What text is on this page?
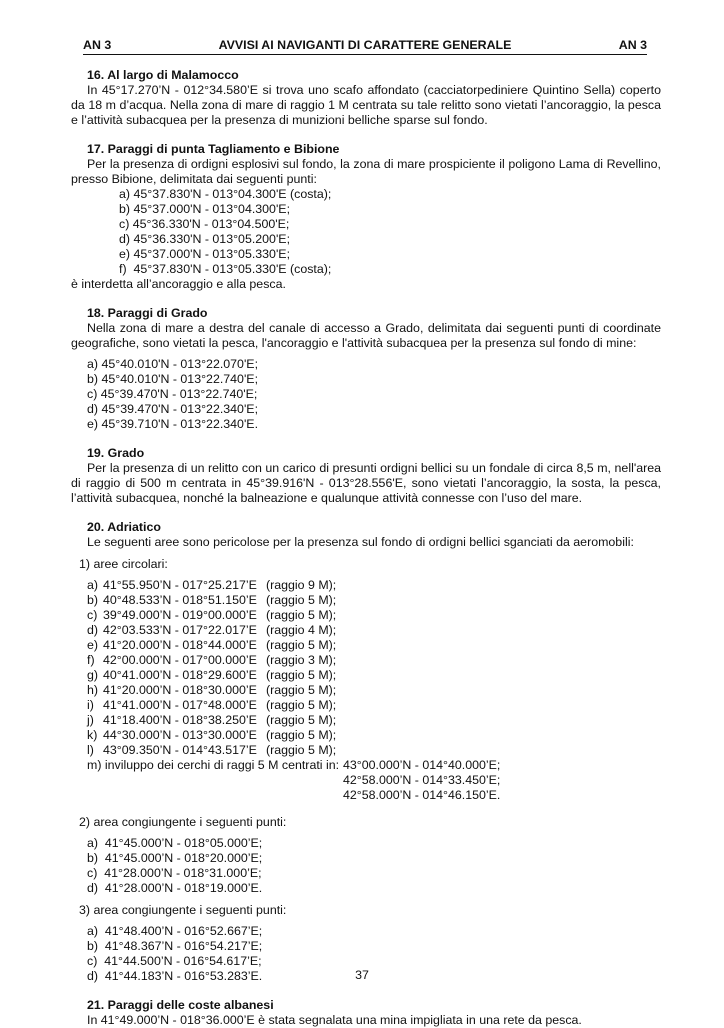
AN 3	AVVISI AI NAVIGANTI DI CARATTERE GENERALE	AN 3
16. Al largo di Malamocco
In 45°17.270’N - 012°34.580’E si trova uno scafo affondato (cacciatorpediniere Quintino Sella) coperto da 18 m d’acqua. Nella zona di mare di raggio 1 M centrata su tale relitto sono vietati l’ancoraggio, la pesca e l’attività subacquea per la presenza di munizioni belliche sparse sul fondo.
17. Paraggi di punta Tagliamento e Bibione
Per la presenza di ordigni esplosivi sul fondo, la zona di mare prospiciente il poligono Lama di Revellino, presso Bibione, delimitata dai seguenti punti:
a) 45°37.830'N - 013°04.300'E (costa);
b) 45°37.000'N - 013°04.300'E;
c) 45°36.330'N - 013°04.500'E;
d) 45°36.330'N - 013°05.200'E;
e) 45°37.000'N - 013°05.330'E;
f)  45°37.830'N - 013°05.330'E (costa);
è interdetta all’ancoraggio e alla pesca.
18. Paraggi di Grado
Nella zona di mare a destra del canale di accesso a Grado, delimitata dai seguenti punti di coordinate geografiche, sono vietati la pesca, l'ancoraggio e l'attività subacquea per la presenza sul fondo di mine:
a) 45°40.010'N - 013°22.070'E;
b) 45°40.010'N - 013°22.740'E;
c) 45°39.470'N - 013°22.740'E;
d) 45°39.470'N - 013°22.340'E;
e) 45°39.710'N - 013°22.340'E.
19. Grado
Per la presenza di un relitto con un carico di presunti ordigni bellici su un fondale di circa 8,5 m, nell'area di raggio di 500 m centrata in 45°39.916'N - 013°28.556'E, sono vietati l’ancoraggio, la sosta, la pesca, l’attività subacquea, nonché la balneazione e qualunque attività connesse con l’uso del mare.
20. Adriatico
Le seguenti aree sono pericolose per la presenza sul fondo di ordigni bellici sganciati da aeromobili:
1) aree circolari:
a) 41°55.950’N - 017°25.217’E (raggio 9 M);
b) 40°48.533’N - 018°51.150’E (raggio 5 M);
c) 39°49.000’N - 019°00.000’E (raggio 5 M);
d) 42°03.533’N - 017°22.017’E (raggio 4 M);
e) 41°20.000’N - 018°44.000’E (raggio 5 M);
f) 42°00.000’N - 017°00.000’E (raggio 3 M);
g) 40°41.000’N - 018°29.600’E (raggio 5 M);
h) 41°20.000’N - 018°30.000’E (raggio 5 M);
i) 41°41.000’N - 017°48.000’E (raggio 5 M);
j) 41°18.400’N - 018°38.250’E (raggio 5 M);
k) 44°30.000’N - 013°30.000’E (raggio 5 M);
l) 43°09.350’N - 014°43.517’E (raggio 5 M);
m) inviluppo dei cerchi di raggi 5 M centrati in: 43°00.000’N - 014°40.000’E;
42°58.000’N - 014°33.450’E;
42°58.000’N - 014°46.150’E.
2) area congiungente i seguenti punti:
a)  41°45.000’N - 018°05.000’E;
b)  41°45.000’N - 018°20.000’E;
c)  41°28.000’N - 018°31.000’E;
d)  41°28.000’N - 018°19.000’E.
3) area congiungente i seguenti punti:
a)  41°48.400’N - 016°52.667’E;
b)  41°48.367’N - 016°54.217’E;
c)  41°44.500’N - 016°54.617’E;
d)  41°44.183’N - 016°53.283’E.
21. Paraggi delle coste albanesi
In 41°49.000’N - 018°36.000’E è stata segnalata una mina impigliata in una rete da pesca.
37
